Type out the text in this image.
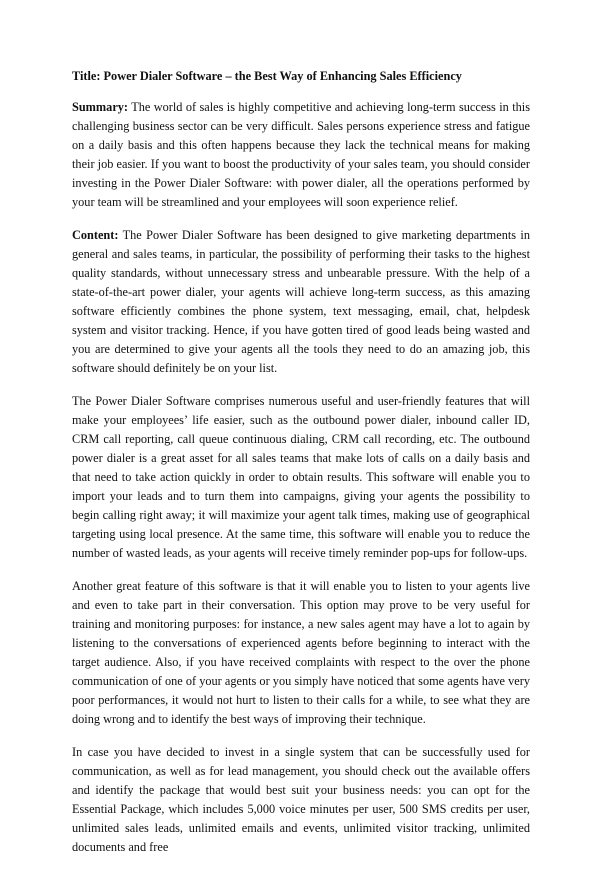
Title: Power Dialer Software – the Best Way of Enhancing Sales Efficiency

Summary: The world of sales is highly competitive and achieving long-term success in this challenging business sector can be very difficult. Sales persons experience stress and fatigue on a daily basis and this often happens because they lack the technical means for making their job easier. If you want to boost the productivity of your sales team, you should consider investing in the Power Dialer Software: with power dialer, all the operations performed by your team will be streamlined and your employees will soon experience relief.

Content: The Power Dialer Software has been designed to give marketing departments in general and sales teams, in particular, the possibility of performing their tasks to the highest quality standards, without unnecessary stress and unbearable pressure. With the help of a state-of-the-art power dialer, your agents will achieve long-term success, as this amazing software efficiently combines the phone system, text messaging, email, chat, helpdesk system and visitor tracking. Hence, if you have gotten tired of good leads being wasted and you are determined to give your agents all the tools they need to do an amazing job, this software should definitely be on your list.

The Power Dialer Software comprises numerous useful and user-friendly features that will make your employees’ life easier, such as the outbound power dialer, inbound caller ID, CRM call reporting, call queue continuous dialing, CRM call recording, etc. The outbound power dialer is a great asset for all sales teams that make lots of calls on a daily basis and that need to take action quickly in order to obtain results. This software will enable you to import your leads and to turn them into campaigns, giving your agents the possibility to begin calling right away; it will maximize your agent talk times, making use of geographical targeting using local presence. At the same time, this software will enable you to reduce the number of wasted leads, as your agents will receive timely reminder pop-ups for follow-ups.

Another great feature of this software is that it will enable you to listen to your agents live and even to take part in their conversation. This option may prove to be very useful for training and monitoring purposes: for instance, a new sales agent may have a lot to again by listening to the conversations of experienced agents before beginning to interact with the target audience. Also, if you have received complaints with respect to the over the phone communication of one of your agents or you simply have noticed that some agents have very poor performances, it would not hurt to listen to their calls for a while, to see what they are doing wrong and to identify the best ways of improving their technique.

In case you have decided to invest in a single system that can be successfully used for communication, as well as for lead management, you should check out the available offers and identify the package that would best suit your business needs: you can opt for the Essential Package, which includes 5,000 voice minutes per user, 500 SMS credits per user, unlimited sales leads, unlimited emails and events, unlimited visitor tracking, unlimited documents and free
